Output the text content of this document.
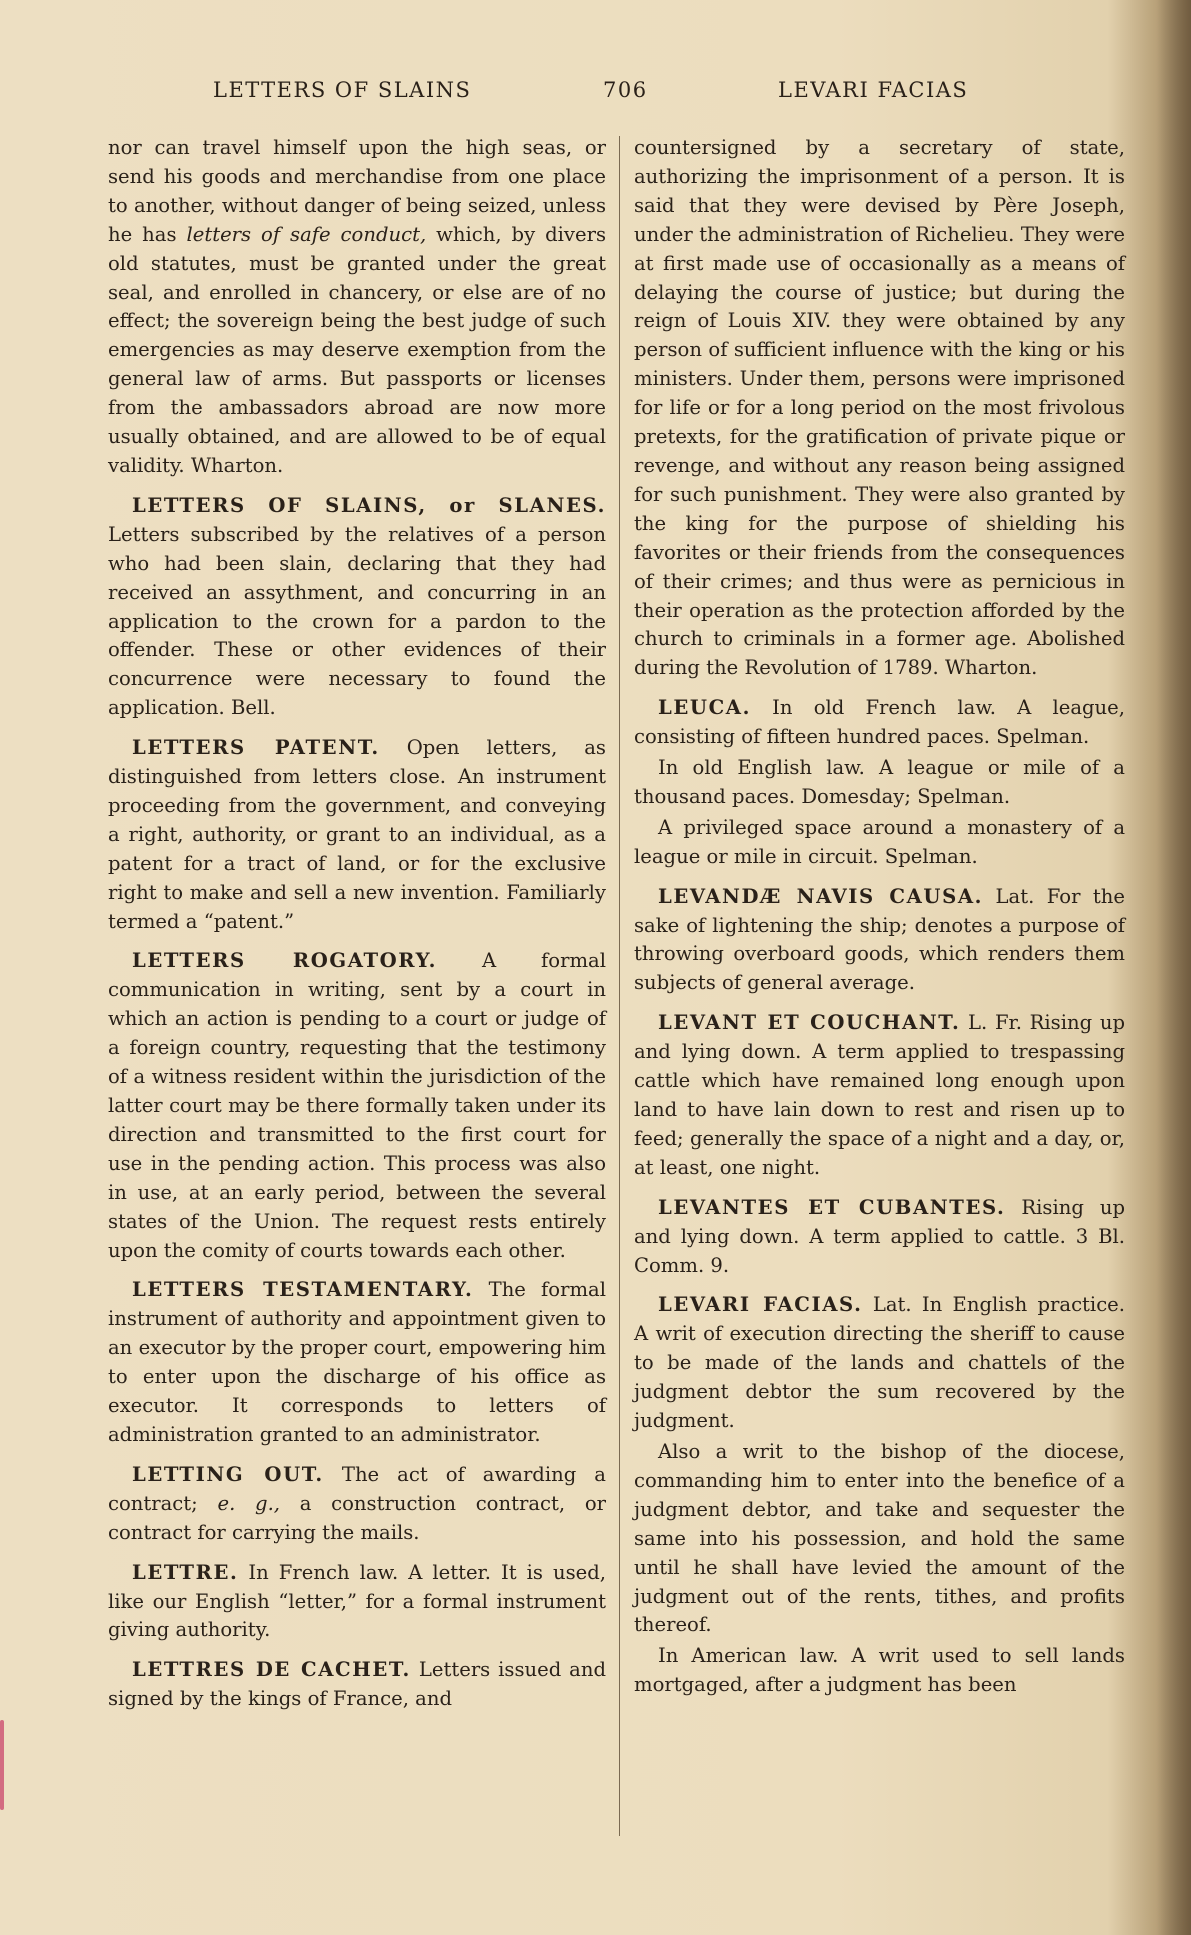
LETTERS OF SLAINS	706	LEVARI FACIAS

nor can travel himself upon the high seas, or send his goods and merchandise from one place to another, without danger of being seized, unless he has letters of safe conduct, which, by divers old statutes, must be granted under the great seal, and enrolled in chancery, or else are of no effect; the sovereign being the best judge of such emergencies as may deserve exemption from the general law of arms. But passports or licenses from the ambassadors abroad are now more usually obtained, and are allowed to be of equal validity. Wharton.

LETTERS OF SLAINS, or SLANES. Letters subscribed by the relatives of a person who had been slain, declaring that they had received an assythment, and concurring in an application to the crown for a pardon to the offender. These or other evidences of their concurrence were necessary to found the application. Bell.

LETTERS PATENT. Open letters, as distinguished from letters close. An instrument proceeding from the government, and conveying a right, authority, or grant to an individual, as a patent for a tract of land, or for the exclusive right to make and sell a new invention. Familiarly termed a “patent.”

LETTERS ROGATORY. A formal communication in writing, sent by a court in which an action is pending to a court or judge of a foreign country, requesting that the testimony of a witness resident within the jurisdiction of the latter court may be there formally taken under its direction and transmitted to the first court for use in the pending action. This process was also in use, at an early period, between the several states of the Union. The request rests entirely upon the comity of courts towards each other.

LETTERS TESTAMENTARY. The formal instrument of authority and appointment given to an executor by the proper court, empowering him to enter upon the discharge of his office as executor. It corresponds to letters of administration granted to an administrator.

LETTING OUT. The act of awarding a contract; e. g., a construction contract, or contract for carrying the mails.

LETTRE. In French law. A letter. It is used, like our English “letter,” for a formal instrument giving authority.

LETTRES DE CACHET. Letters issued and signed by the kings of France, and

countersigned by a secretary of state, authorizing the imprisonment of a person. It is said that they were devised by Père Joseph, under the administration of Richelieu. They were at first made use of occasionally as a means of delaying the course of justice; but during the reign of Louis XIV. they were obtained by any person of sufficient influence with the king or his ministers. Under them, persons were imprisoned for life or for a long period on the most frivolous pretexts, for the gratification of private pique or revenge, and without any reason being assigned for such punishment. They were also granted by the king for the purpose of shielding his favorites or their friends from the consequences of their crimes; and thus were as pernicious in their operation as the protection afforded by the church to criminals in a former age. Abolished during the Revolution of 1789. Wharton.

LEUCA. In old French law. A league, consisting of fifteen hundred paces. Spelman.

In old English law. A league or mile of a thousand paces. Domesday; Spelman.

A privileged space around a monastery of a league or mile in circuit. Spelman.

LEVANDÆ NAVIS CAUSA. Lat. For the sake of lightening the ship; denotes a purpose of throwing overboard goods, which renders them subjects of general average.

LEVANT ET COUCHANT. L. Fr. Rising up and lying down. A term applied to trespassing cattle which have remained long enough upon land to have lain down to rest and risen up to feed; generally the space of a night and a day, or, at least, one night.

LEVANTES ET CUBANTES. Rising up and lying down. A term applied to cattle. 3 Bl. Comm. 9.

LEVARI FACIAS. Lat. In English practice. A writ of execution directing the sheriff to cause to be made of the lands and chattels of the judgment debtor the sum recovered by the judgment.

Also a writ to the bishop of the diocese, commanding him to enter into the benefice of a judgment debtor, and take and sequester the same into his possession, and hold the same until he shall have levied the amount of the judgment out of the rents, tithes, and profits thereof.

In American law. A writ used to sell lands mortgaged, after a judgment has been
